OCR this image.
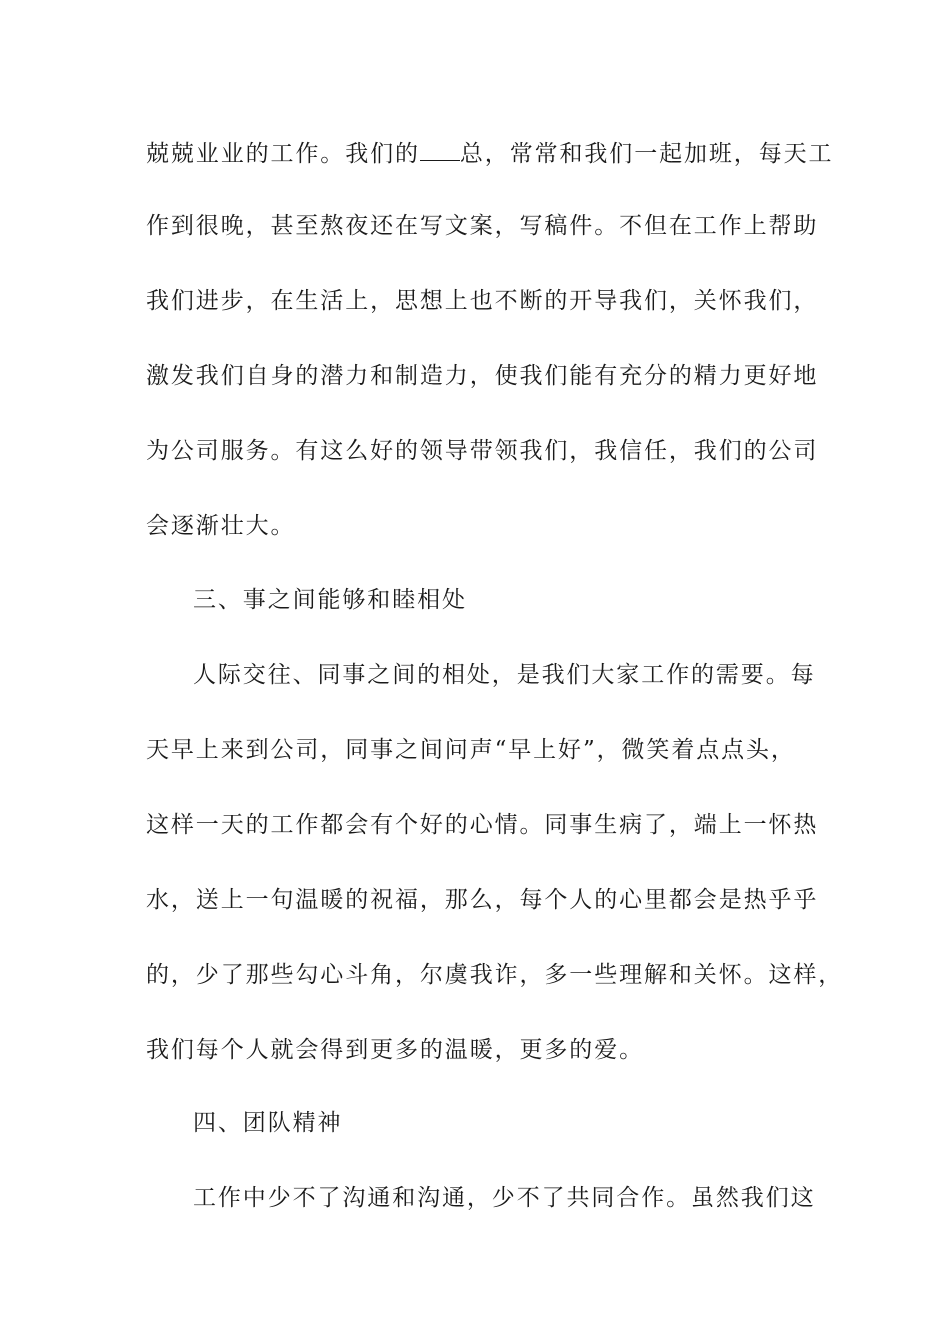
兢兢业业的工作。我们的 总，常常和我们一起加班，每天工
作到很晚，甚至熬夜还在写文案，写稿件。不但在工作上帮助
我们进步，在生活上，思想上也不断的开导我们，关怀我们，
激发我们自身的潜力和制造力，使我们能有充分的精力更好地
为公司服务。有这么好的领导带领我们，我信任，我们的公司
会逐渐壮大。
三、事之间能够和睦相处
人际交往、同事之间的相处，是我们大家工作的需要。每
天早上来到公司，同事之间问声“早上好”，微笑着点点头，
这样一天的工作都会有个好的心情。同事生病了，端上一怀热
水，送上一句温暖的祝福，那么，每个人的心里都会是热乎乎
的，少了那些勾心斗角，尔虞我诈，多一些理解和关怀。这样，
我们每个人就会得到更多的温暖，更多的爱。
四、团队精神
工作中少不了沟通和沟通，少不了共同合作。虽然我们这
